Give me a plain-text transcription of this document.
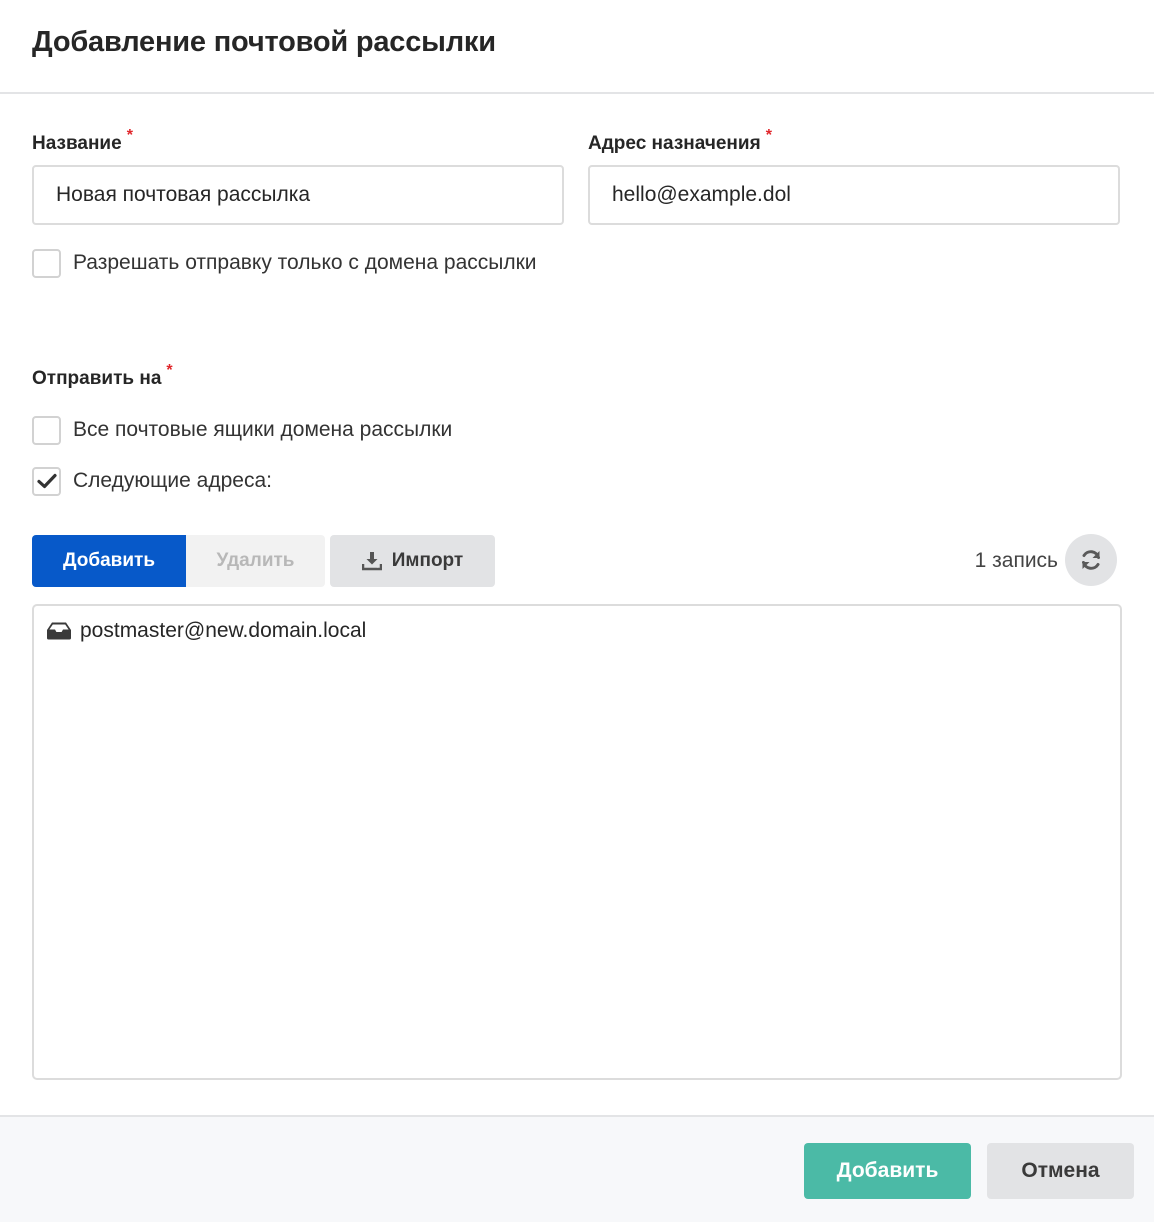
Добавление почтовой рассылки
Название *
Новая почтовая рассылка	Адрес назначения *
hello@example.dol
Разрешать отправку только с домена рассылки
Отправить на *
Все почтовые ящики домена рассылки
Следующие адреса:
Добавить	Удалить	Импорт	1 запись
postmaster@new.domain.local
Добавить	Отмена
